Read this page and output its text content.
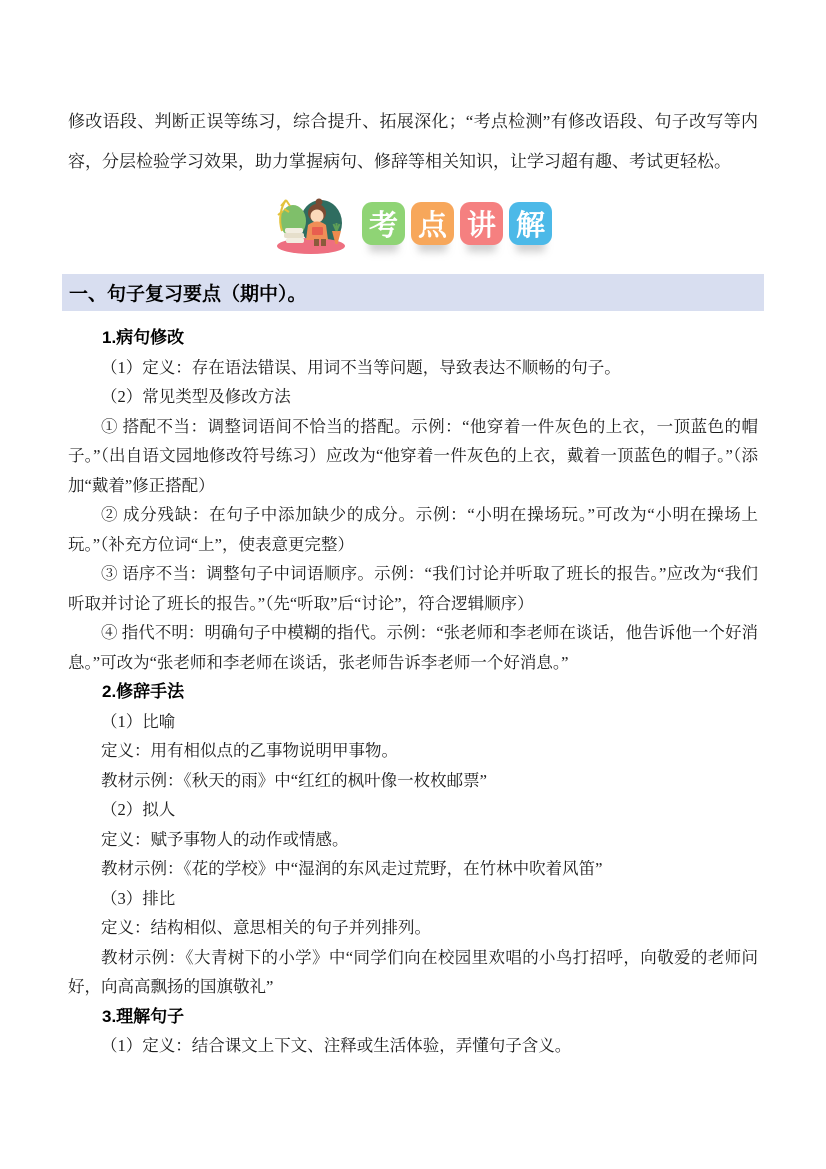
修改语段、判断正误等练习，综合提升、拓展深化；“考点检测”有修改语段、句子改写等内容，分层检验学习效果，助力掌握病句、修辞等相关知识，让学习超有趣、考试更轻松。

考 点 讲 解
一、句子复习要点（期中）。

1.病句修改

（1）定义：存在语法错误、用词不当等问题，导致表达不顺畅的句子。

（2）常见类型及修改方法

① 搭配不当：调整词语间不恰当的搭配。示例：“他穿着一件灰色的上衣，一顶蓝色的帽子。”（出自语文园地修改符号练习）应改为“他穿着一件灰色的上衣，戴着一顶蓝色的帽子。”（添加“戴着”修正搭配）

② 成分残缺：在句子中添加缺少的成分。示例：“小明在操场玩。”可改为“小明在操场上玩。”（补充方位词“上”，使表意更完整）

③ 语序不当：调整句子中词语顺序。示例：“我们讨论并听取了班长的报告。”应改为“我们听取并讨论了班长的报告。”（先“听取”后“讨论”，符合逻辑顺序）

④ 指代不明：明确句子中模糊的指代。示例：“张老师和李老师在谈话，他告诉他一个好消息。”可改为“张老师和李老师在谈话，张老师告诉李老师一个好消息。”

2.修辞手法

（1）比喻

定义：用有相似点的乙事物说明甲事物。

教材示例：《秋天的雨》中“红红的枫叶像一枚枚邮票”

（2）拟人

定义：赋予事物人的动作或情感。

教材示例：《花的学校》中“湿润的东风走过荒野，在竹林中吹着风笛”

（3）排比

定义：结构相似、意思相关的句子并列排列。

教材示例：《大青树下的小学》中“同学们向在校园里欢唱的小鸟打招呼，向敬爱的老师问好，向高高飘扬的国旗敬礼”

3.理解句子

（1）定义：结合课文上下文、注释或生活体验，弄懂句子含义。
